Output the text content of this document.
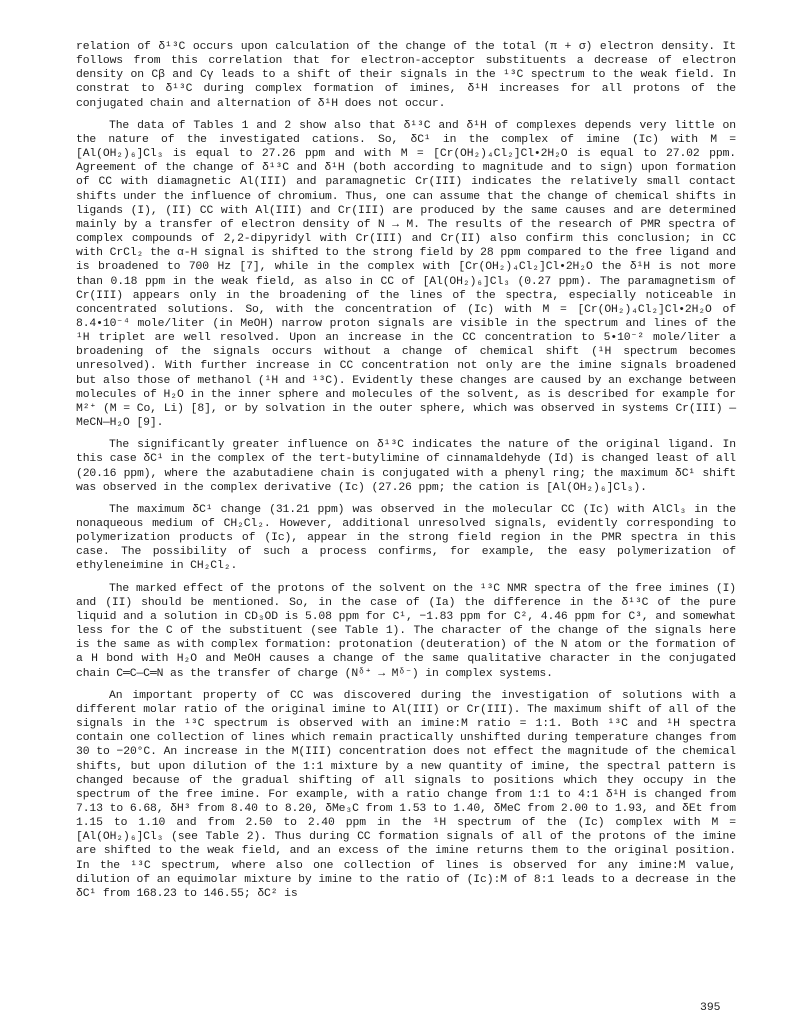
relation of δ¹³C occurs upon calculation of the change of the total (π + σ) electron density. It follows from this correlation that for electron-acceptor substituents a decrease of electron density on Cβ and Cγ leads to a shift of their signals in the ¹³C spectrum to the weak field. In constrat to δ¹³C during complex formation of imines, δ¹H increases for all protons of the conjugated chain and alternation of δ¹H does not occur.

The data of Tables 1 and 2 show also that δ¹³C and δ¹H of complexes depends very little on the nature of the investigated cations. So, δC¹ in the complex of imine (Ic) with M = [Al(OH₂)₆]Cl₃ is equal to 27.26 ppm and with M = [Cr(OH₂)₄Cl₂]Cl•2H₂O is equal to 27.02 ppm. Agreement of the change of δ¹³C and δ¹H (both according to magnitude and to sign) upon formation of CC with diamagnetic Al(III) and paramagnetic Cr(III) indicates the relatively small contact shifts under the influence of chromium. Thus, one can assume that the change of chemical shifts in ligands (I), (II) CC with Al(III) and Cr(III) are produced by the same causes and are determined mainly by a transfer of electron density of N → M. The results of the research of PMR spectra of complex compounds of 2,2-dipyridyl with Cr(III) and Cr(II) also confirm this conclusion; in CC with CrCl₂ the α-H signal is shifted to the strong field by 28 ppm compared to the free ligand and is broadened to 700 Hz [7], while in the complex with [Cr(OH₂)₄Cl₂]Cl•2H₂O the δ¹H is not more than 0.18 ppm in the weak field, as also in CC of [Al(OH₂)₆]Cl₃ (0.27 ppm). The paramagnetism of Cr(III) appears only in the broadening of the lines of the spectra, especially noticeable in concentrated solutions. So, with the concentration of (Ic) with M = [Cr(OH₂)₄Cl₂]Cl•2H₂O of 8.4•10⁻⁴ mole/liter (in MeOH) narrow proton signals are visible in the spectrum and lines of the ¹H triplet are well resolved. Upon an increase in the CC concentration to 5•10⁻² mole/liter a broadening of the signals occurs without a change of chemical shift (¹H spectrum becomes unresolved). With further increase in CC concentration not only are the imine signals broadened but also those of methanol (¹H and ¹³C). Evidently these changes are caused by an exchange between molecules of H₂O in the inner sphere and molecules of the solvent, as is described for example for M²⁺ (M = Co, Li) [8], or by solvation in the outer sphere, which was observed in systems Cr(III) —MeCN—H₂O [9].

The significantly greater influence on δ¹³C indicates the nature of the original ligand. In this case δC¹ in the complex of the tert-butylimine of cinnamaldehyde (Id) is changed least of all (20.16 ppm), where the azabutadiene chain is conjugated with a phenyl ring; the maximum δC¹ shift was observed in the complex derivative (Ic) (27.26 ppm; the cation is [Al(OH₂)₆]Cl₃).

The maximum δC¹ change (31.21 ppm) was observed in the molecular CC (Ic) with AlCl₃ in the nonaqueous medium of CH₂Cl₂. However, additional unresolved signals, evidently corresponding to polymerization products of (Ic), appear in the strong field region in the PMR spectra in this case. The possibility of such a process confirms, for example, the easy polymerization of ethyleneimine in CH₂Cl₂.

The marked effect of the protons of the solvent on the ¹³C NMR spectra of the free imines (I) and (II) should be mentioned. So, in the case of (Ia) the difference in the δ¹³C of the pure liquid and a solution in CD₃OD is 5.08 ppm for C¹, −1.83 ppm for C², 4.46 ppm for C³, and somewhat less for the C of the substituent (see Table 1). The character of the change of the signals here is the same as with complex formation: protonation (deuteration) of the N atom or the formation of a H bond with H₂O and MeOH causes a change of the same qualitative character in the conjugated chain C═C—C═N as the transfer of charge (Nᵟ⁺ → Mᵟ⁻) in complex systems.

An important property of CC was discovered during the investigation of solutions with a different molar ratio of the original imine to Al(III) or Cr(III). The maximum shift of all of the signals in the ¹³C spectrum is observed with an imine:M ratio = 1:1. Both ¹³C and ¹H spectra contain one collection of lines which remain practically unshifted during temperature changes from 30 to −20°C. An increase in the M(III) concentration does not effect the magnitude of the chemical shifts, but upon dilution of the 1:1 mixture by a new quantity of imine, the spectral pattern is changed because of the gradual shifting of all signals to positions which they occupy in the spectrum of the free imine. For example, with a ratio change from 1:1 to 4:1 δ¹H is changed from 7.13 to 6.68, δH³ from 8.40 to 8.20, δMe₃C from 1.53 to 1.40, δMeC from 2.00 to 1.93, and δEt from 1.15 to 1.10 and from 2.50 to 2.40 ppm in the ¹H spectrum of the (Ic) complex with M = [Al(OH₂)₆]Cl₃ (see Table 2). Thus during CC formation signals of all of the protons of the imine are shifted to the weak field, and an excess of the imine returns them to the original position. In the ¹³C spectrum, where also one collection of lines is observed for any imine:M value, dilution of an equimolar mixture by imine to the ratio of (Ic):M of 8:1 leads to a decrease in the δC¹ from 168.23 to 146.55; δC² is

395
